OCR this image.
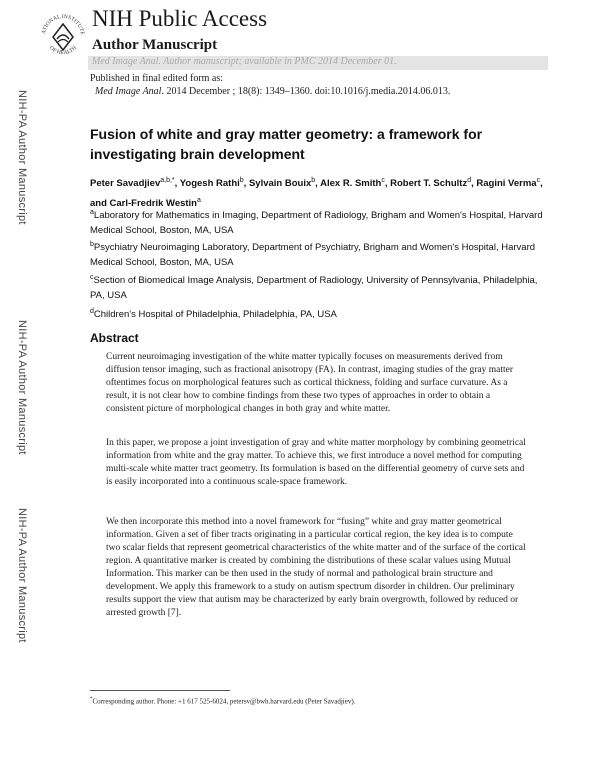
NIH-PA Author Manuscript
NIH-PA Author Manuscript
NIH-PA Author Manuscript
ATIONAL INSTITUTE
OF HEALTH
NIH Public Access
Author Manuscript
Med Image Anal. Author manuscript; available in PMC 2014 December 01.
Published in final edited form as:
Med Image Anal. 2014 December ; 18(8): 1349–1360. doi:10.1016/j.media.2014.06.013.
Fusion of white and gray matter geometry: a framework for investigating brain development
Peter Savadjiev$^{a,b,*}$, Yogesh Rathi$^b$, Sylvain Bouix$^b$, Alex R. Smith$^c$, Robert T. Schultz$^d$, Ragini Verma$^c$, and Carl-Fredrik Westin$^a$
$^a$Laboratory for Mathematics in Imaging, Department of Radiology, Brigham and Women's Hospital, Harvard Medical School, Boston, MA, USA
$^b$Psychiatry Neuroimaging Laboratory, Department of Psychiatry, Brigham and Women's Hospital, Harvard Medical School, Boston, MA, USA
$^c$Section of Biomedical Image Analysis, Department of Radiology, University of Pennsylvania, Philadelphia, PA, USA
$^d$Children's Hospital of Philadelphia, Philadelphia, PA, USA
Abstract

Current neuroimaging investigation of the white matter typically focuses on measurements derived from diffusion tensor imaging, such as fractional anisotropy (FA). In contrast, imaging studies of the gray matter oftentimes focus on morphological features such as cortical thickness, folding and surface curvature. As a result, it is not clear how to combine findings from these two types of approaches in order to obtain a consistent picture of morphological changes in both gray and white matter.

In this paper, we propose a joint investigation of gray and white matter morphology by combining geometrical information from white and the gray matter. To achieve this, we first introduce a novel method for computing multi-scale white matter tract geometry. Its formulation is based on the differential geometry of curve sets and is easily incorporated into a continuous scale-space framework.

We then incorporate this method into a novel framework for “fusing” white and gray matter geometrical information. Given a set of fiber tracts originating in a particular cortical region, the key idea is to compute two scalar fields that represent geometrical characteristics of the white matter and of the surface of the cortical region. A quantitative marker is created by combining the distributions of these scalar values using Mutual Information. This marker can be then used in the study of normal and pathological brain structure and development. We apply this framework to a study on autism spectrum disorder in children. Our preliminary results support the view that autism may be characterized by early brain overgrowth, followed by reduced or arrested growth [7].

*Corresponding author. Phone: +1 617 525-6024, petersv@bwh.harvard.edu (Peter Savadjiev).
